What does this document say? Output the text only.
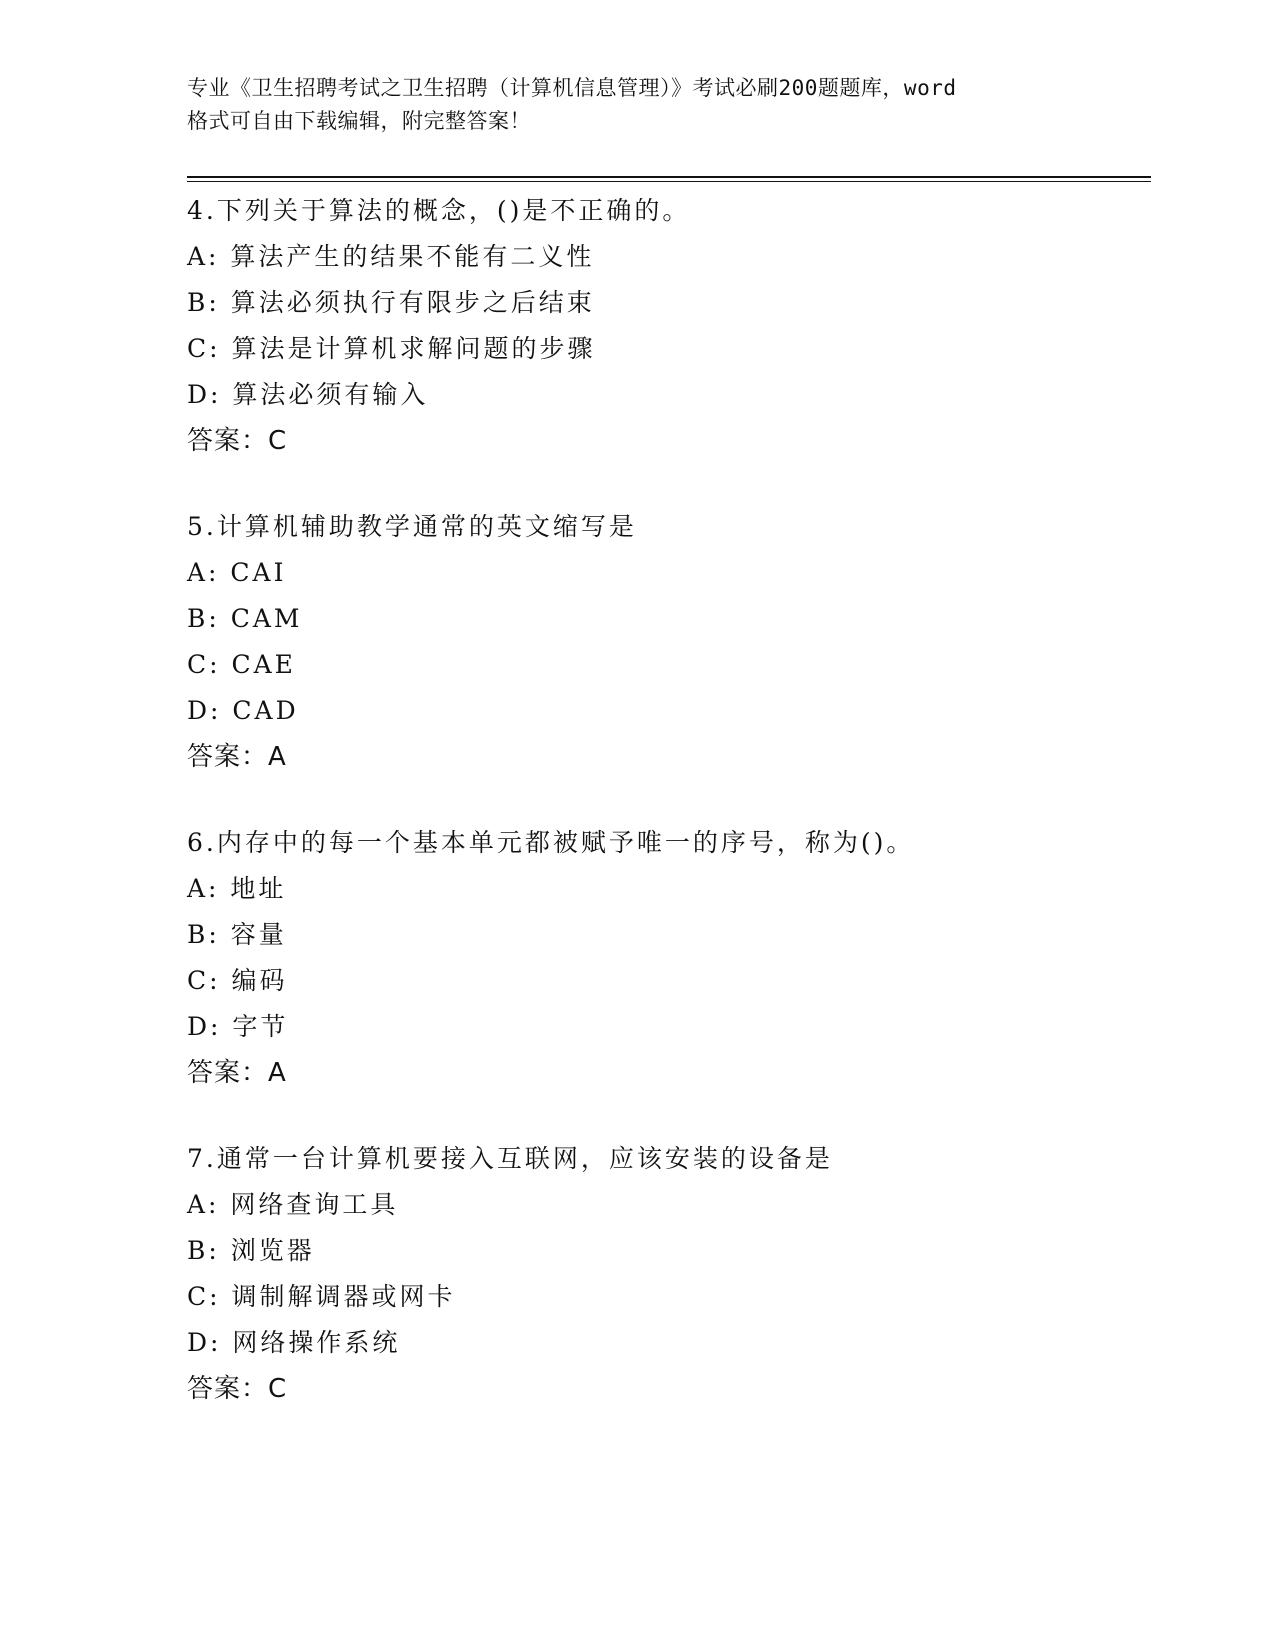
专业《卫生招聘考试之卫生招聘（计算机信息管理）》考试必刷200题题库，word
格式可自由下载编辑，附完整答案！
4.下列关于算法的概念，()是不正确的。
A: 算法产生的结果不能有二义性
B: 算法必须执行有限步之后结束
C: 算法是计算机求解问题的步骤
D: 算法必须有输入
答案：C
5.计算机辅助教学通常的英文缩写是
A: CAI
B: CAM
C: CAE
D: CAD
答案：A
6.内存中的每一个基本单元都被赋予唯一的序号，称为()。
A: 地址
B: 容量
C: 编码
D: 字节
答案：A
7.通常一台计算机要接入互联网，应该安装的设备是
A: 网络查询工具
B: 浏览器
C: 调制解调器或网卡
D: 网络操作系统
答案：C
